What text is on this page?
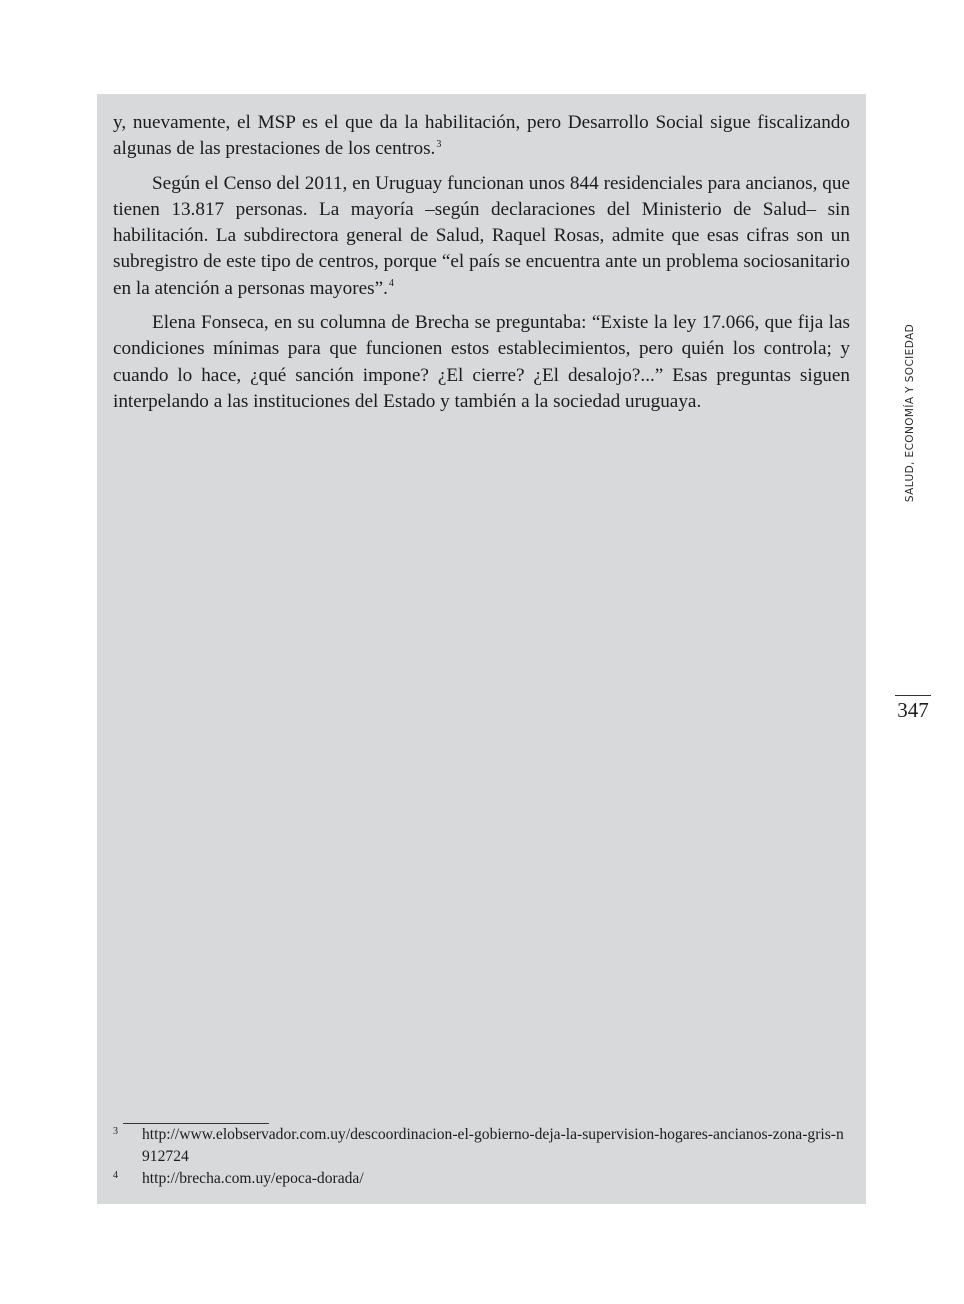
y, nuevamente, el MSP es el que da la habilitación, pero Desarrollo Social sigue fiscalizando algunas de las prestaciones de los centros.$^3$

Según el Censo del 2011, en Uruguay funcionan unos 844 residenciales para ancianos, que tienen 13.817 personas. La mayoría –según declaraciones del Ministerio de Salud– sin habilitación. La subdirectora general de Salud, Raquel Rosas, admite que esas cifras son un subregistro de este tipo de centros, porque “el país se encuentra ante un problema sociosanitario en la atención a personas mayores”.$^4$

Elena Fonseca, en su columna de Brecha se preguntaba: “Existe la ley 17.066, que fija las condiciones mínimas para que funcionen estos establecimientos, pero quién los controla; y cuando lo hace, ¿qué sanción impone? ¿El cierre? ¿El desalojo?...” Esas preguntas siguen interpelando a las instituciones del Estado y también a la sociedad uruguaya.

3 http://www.elobservador.com.uy/descoordinacion-el-gobierno-deja-la-supervision-hogares-ancianos-zona-gris-n912724
4 http://brecha.com.uy/epoca-dorada/
SALUD, ECONOMÍA Y SOCIEDAD
347
